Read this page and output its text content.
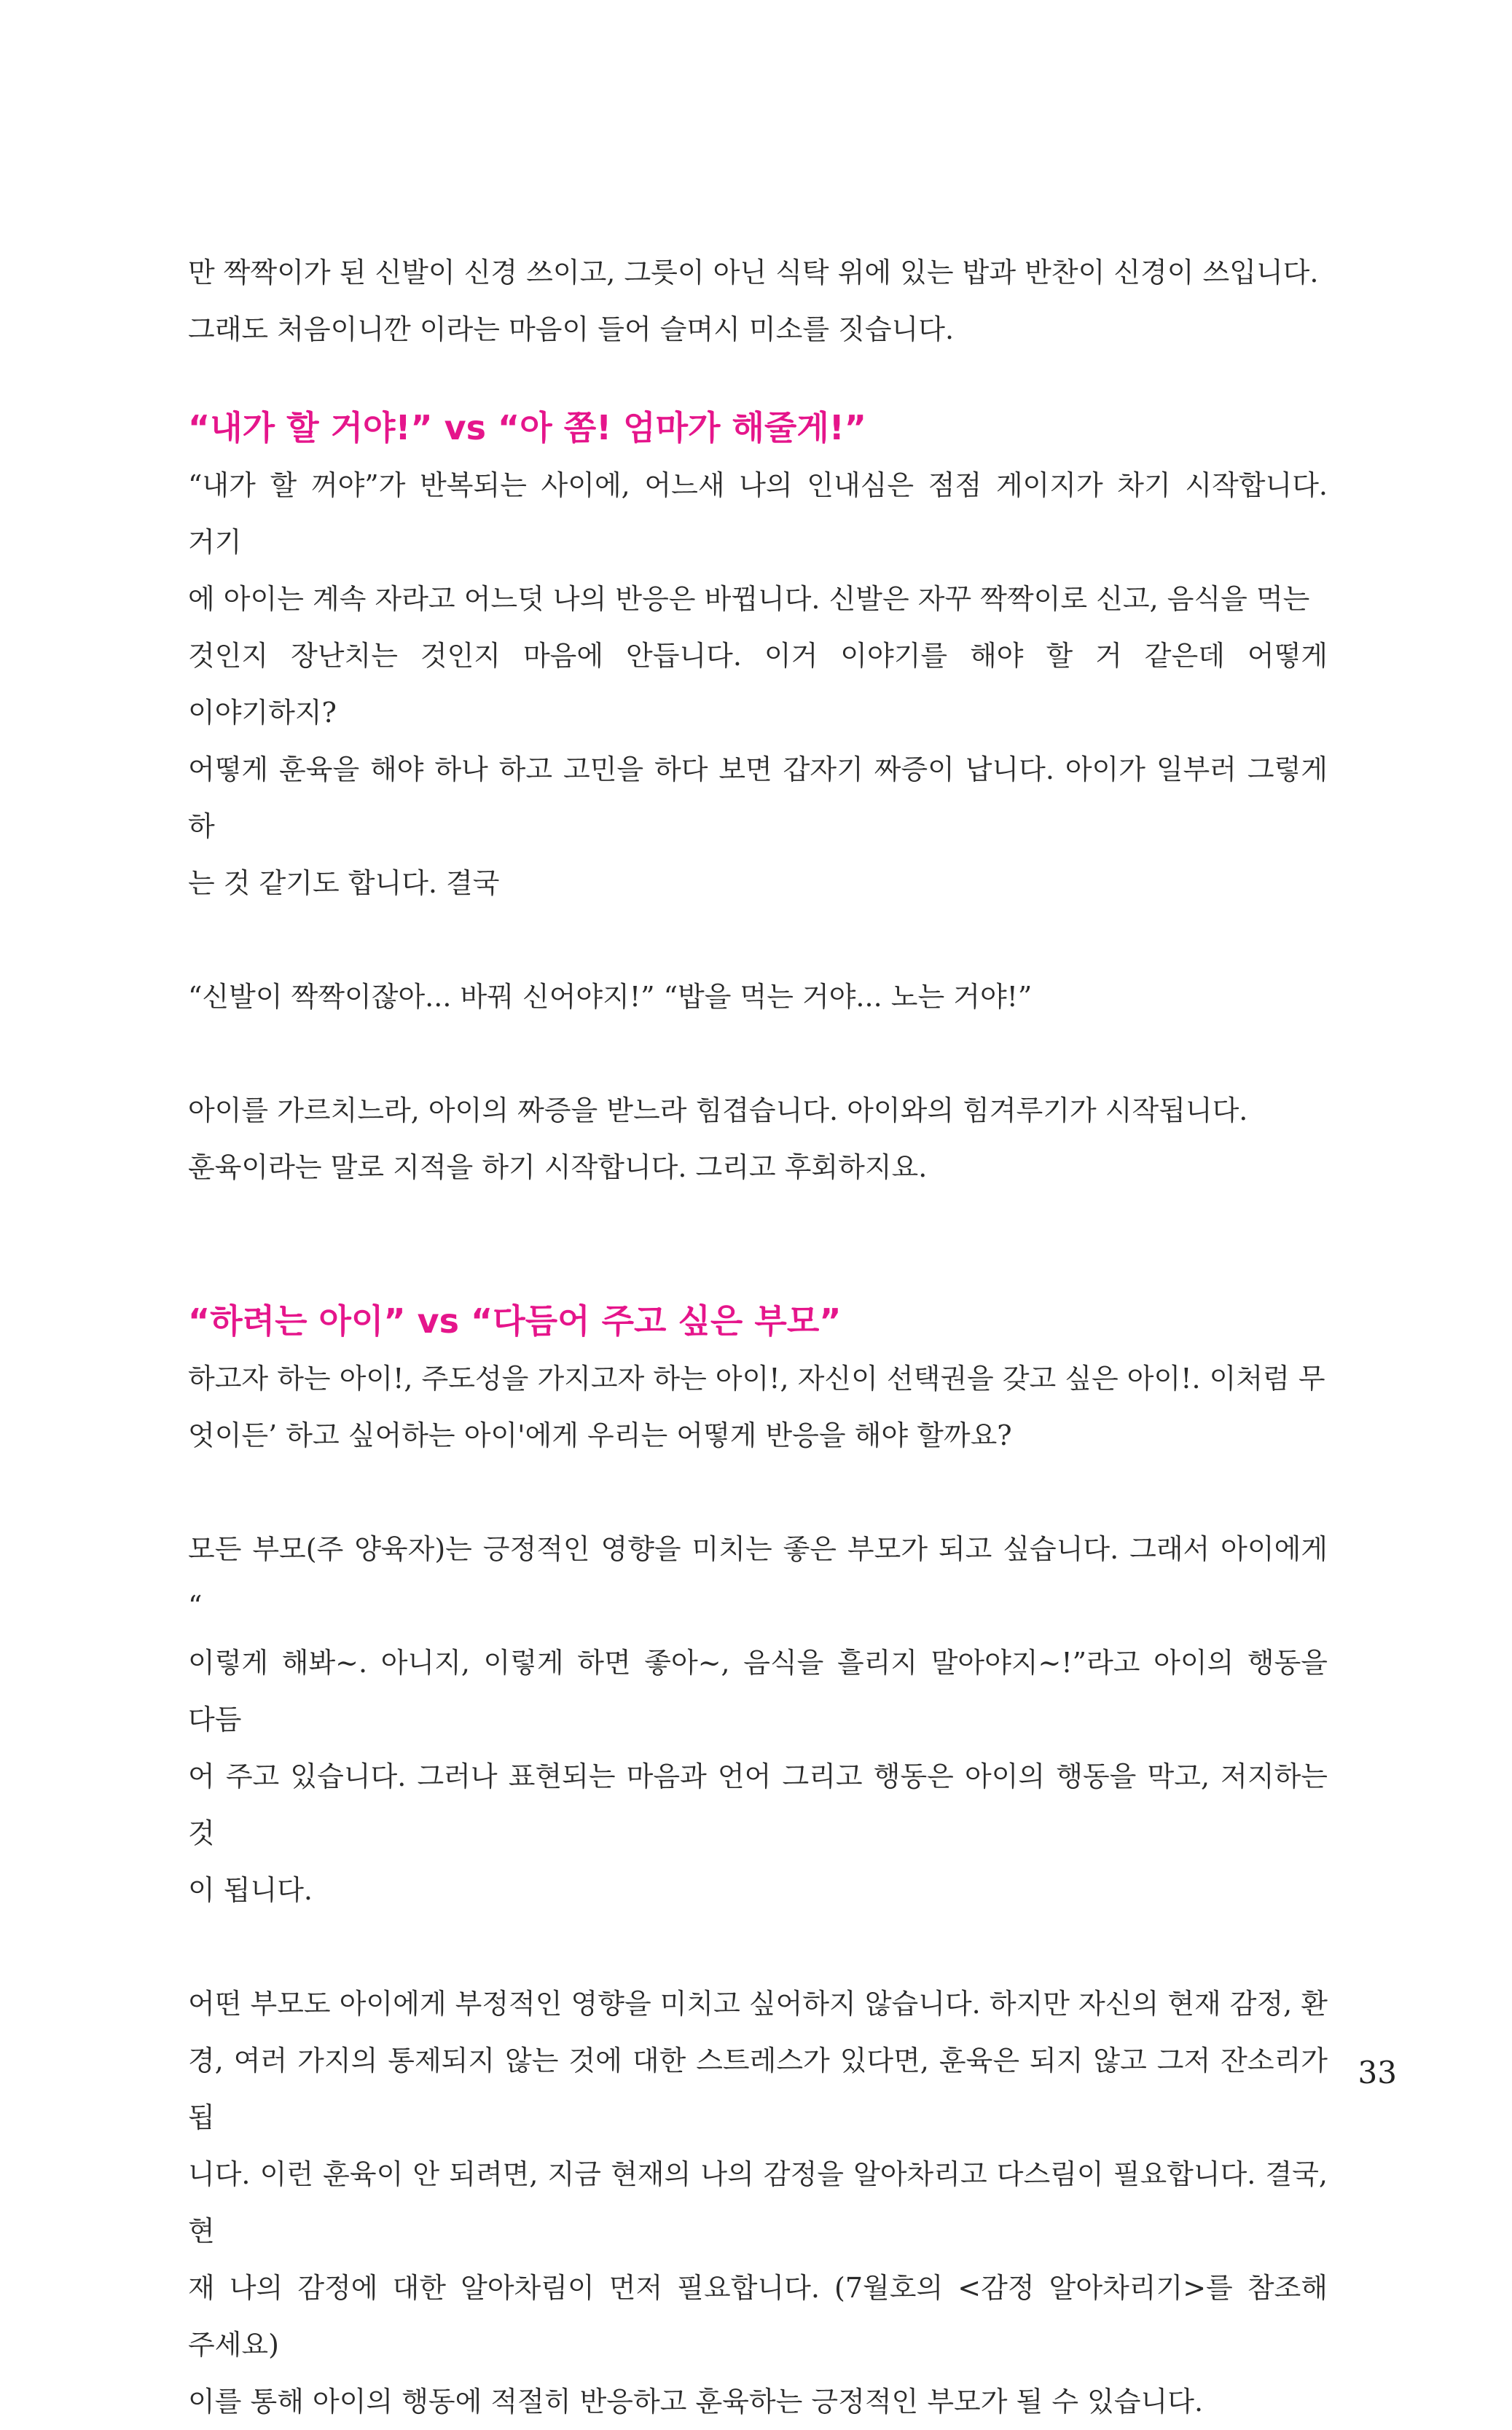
만 짝짝이가 된 신발이 신경 쓰이고, 그릇이 아닌 식탁 위에 있는 밥과 반찬이 신경이 쓰입니다.
그래도 처음이니깐 이라는 마음이 들어 슬며시 미소를 짓습니다.

“내가 할 거야!” vs “아 쫌! 엄마가 해줄게!”

“내가 할 꺼야”가 반복되는 사이에, 어느새 나의 인내심은 점점 게이지가 차기 시작합니다. 거기
에 아이는 계속 자라고 어느덧 나의 반응은 바뀝니다. 신발은 자꾸 짝짝이로 신고, 음식을 먹는
것인지 장난치는 것인지 마음에 안듭니다. 이거 이야기를 해야 할 거 같은데 어떻게 이야기하지?
어떻게 훈육을 해야 하나 하고 고민을 하다 보면 갑자기 짜증이 납니다. 아이가 일부러 그렇게 하
는 것 같기도 합니다. 결국

“신발이 짝짝이잖아... 바꿔 신어야지!” “밥을 먹는 거야... 노는 거야!”

아이를 가르치느라, 아이의 짜증을 받느라 힘겹습니다. 아이와의 힘겨루기가 시작됩니다.
훈육이라는 말로 지적을 하기 시작합니다. 그리고 후회하지요.

“하려는 아이” vs “다듬어 주고 싶은 부모”

하고자 하는 아이!, 주도성을 가지고자 하는 아이!, 자신이 선택권을 갖고 싶은 아이!. 이처럼 무
엇이든’ 하고 싶어하는 아이'에게 우리는 어떻게 반응을 해야 할까요?

모든 부모(주 양육자)는 긍정적인 영향을 미치는 좋은 부모가 되고 싶습니다. 그래서 아이에게 “
이렇게 해봐~. 아니지, 이렇게 하면 좋아~, 음식을 흘리지 말아야지~!”라고 아이의 행동을 다듬
어 주고 있습니다. 그러나 표현되는 마음과 언어 그리고 행동은 아이의 행동을 막고, 저지하는 것
이 됩니다.

어떤 부모도 아이에게 부정적인 영향을 미치고 싶어하지 않습니다. 하지만 자신의 현재 감정, 환
경, 여러 가지의 통제되지 않는 것에 대한 스트레스가 있다면, 훈육은 되지 않고 그저 잔소리가 됩
니다. 이런 훈육이 안 되려면, 지금 현재의 나의 감정을 알아차리고 다스림이 필요합니다. 결국, 현
재 나의 감정에 대한 알아차림이 먼저 필요합니다. (7월호의 <감정 알아차리기>를 참조해 주세요)
이를 통해 아이의 행동에 적절히 반응하고 훈육하는 긍정적인 부모가 될 수 있습니다.

33
